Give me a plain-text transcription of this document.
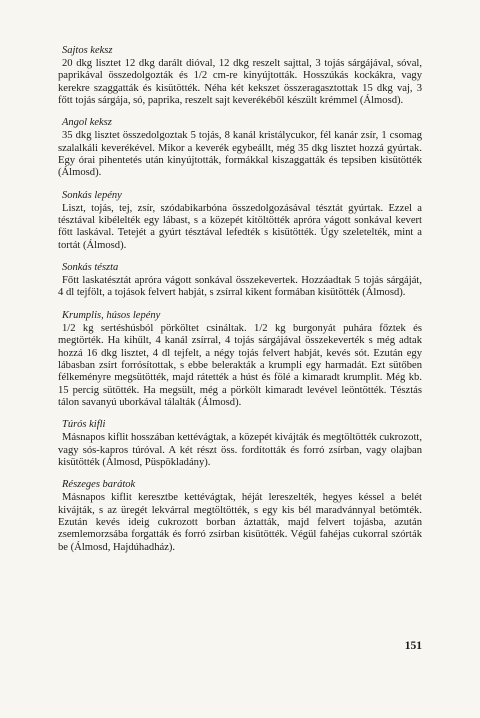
Sajtos keksz

20 dkg lisztet 12 dkg darált dióval, 12 dkg reszelt sajttal, 3 tojás sárgájával, sóval, paprikával összedolgozták és 1/2 cm-re kinyújtották. Hosszúkás kockákra, vagy kerekre szaggatták és kisütötték. Néha két kekszet összeragasztottak 15 dkg vaj, 3 főtt tojás sárgája, só, paprika, reszelt sajt keverékéből készült krémmel (Álmosd).

Angol keksz

35 dkg lisztet összedolgoztak 5 tojás, 8 kanál kristálycukor, fél kanár zsír, 1 csomag szalalkáli keverékével. Mikor a keverék egybeállt, még 35 dkg lisztet hozzá gyúrtak. Egy órai pihentetés után kinyújtották, formákkal kiszaggatták és tepsiben kisütötték (Álmosd).

Sonkás lepény

Liszt, tojás, tej, zsír, szódabikarbóna összedolgozásával tésztát gyúrtak. Ezzel a tésztával kibélelték egy lábast, s a közepét kitöltötték apróra vágott sonkával kevert főtt laskával. Tetejét a gyúrt tésztával lefedték s kisütötték. Úgy szeletelték, mint a tortát (Álmosd).

Sonkás tészta

Főtt laskatésztát apróra vágott sonkával összekevertek. Hozzáadtak 5 tojás sárgáját, 4 dl tejfölt, a tojások felvert habját, s zsírral kikent formában kisütötték (Álmosd).

Krumplis, húsos lepény

1/2 kg sertéshúsból pörköltet csináltak. 1/2 kg burgonyát puhára főztek és megtörték. Ha kihűlt, 4 kanál zsírral, 4 tojás sárgájával összekeverték s még adtak hozzá 16 dkg lisztet, 4 dl tejfelt, a négy tojás felvert habját, kevés sót. Ezután egy lábasban zsírt forrósítottak, s ebbe belerakták a krumpli egy harmadát. Ezt sütőben félkeményre megsütötték, majd rátették a húst és fölé a kimaradt krumplit. Még kb. 15 percig sütötték. Ha megsült, még a pörkölt kimaradt levével leöntötték. Tésztás tálon savanyú uborkával tálalták (Álmosd).

Túrós kifli

Másnapos kiflit hosszában kettévágtak, a közepét kivájták és megtöltötték cukrozott, vagy sós-kapros túróval. A két részt öss. fordították és forró zsírban, vagy olajban kisütötték (Álmosd, Püspökladány).

Részeges barátok

Másnapos kiflit keresztbe kettévágtak, héját lereszelték, hegyes késsel a belét kivájták, s az üregét lekvárral megtöltötték, s egy kis bél maradvánnyal betömték. Ezután kevés ideig cukrozott borban áztatták, majd felvert tojásba, azután zsemlemorzsába forgatták és forró zsírban kisütötték. Végül fahéjas cukorral szórták be (Álmosd, Hajdúhadház).

151
